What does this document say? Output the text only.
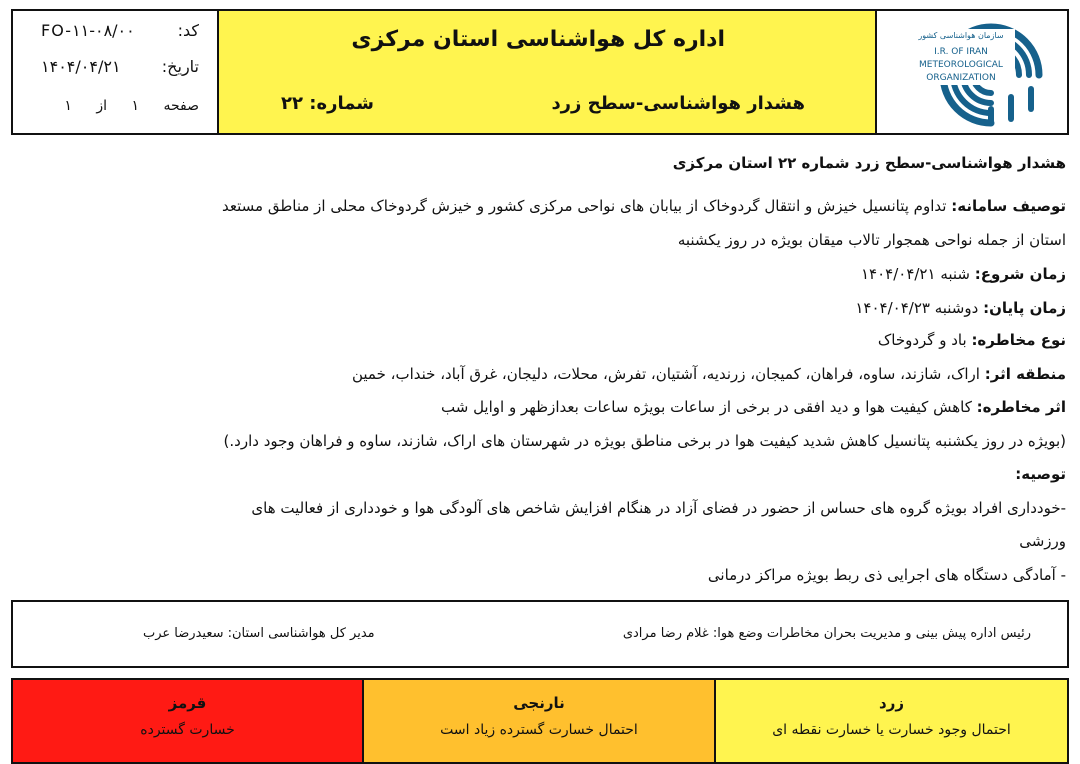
کد:
FO-۱۱-۰۸/۰۰
تاریخ:
۱۴۰۴/۰۴/۲۱
صفحه ۱ از ۱
اداره کل هواشناسی استان مرکزی
هشدار هواشناسی-سطح زرد
شماره: ۲۲
سازمان هواشناسی کشور
I.R. OF IRAN
METEOROLOGICAL
ORGANIZATION
هشدار هواشناسی-سطح زرد شماره ۲۲ استان مرکزی
توصیف سامانه: تداوم پتانسیل خیزش و انتقال گردوخاک از بیابان های نواحی مرکزی کشور و خیزش گردوخاک محلی از مناطق مستعد
استان از جمله نواحی همجوار تالاب میقان بویژه در روز یکشنبه
زمان شروع: شنبه ۱۴۰۴/۰۴/۲۱
زمان پایان: دوشنبه ۱۴۰۴/۰۴/۲۳
نوع مخاطره: باد و گردوخاک
منطقه اثر: اراک، شازند، ساوه، فراهان، کمیجان، زرندیه، آشتیان، تفرش، محلات، دلیجان، غرق آباد، خنداب، خمین
اثر مخاطره: کاهش کیفیت هوا و دید افقی در برخی از ساعات بویژه ساعات بعدازظهر و اوایل شب
(بویژه در روز یکشنبه پتانسیل کاهش شدید کیفیت هوا در برخی مناطق بویژه در شهرستان های اراک، شازند، ساوه و فراهان وجود دارد.)
توصیه:
-خودداری افراد بویژه گروه های حساس از حضور در فضای آزاد در هنگام افزایش شاخص های آلودگی هوا و خودداری از فعالیت های
ورزشی
- آمادگی دستگاه های اجرایی ذی ربط بویژه مراکز درمانی
رئیس اداره پیش بینی و مدیریت بحران مخاطرات وضع هوا: غلام رضا مرادی
مدیر کل هواشناسی استان: سعیدرضا عرب
زرد
احتمال وجود خسارت یا خسارت نقطه ای
نارنجی
احتمال خسارت گسترده زیاد است
قرمز
خسارت گسترده
